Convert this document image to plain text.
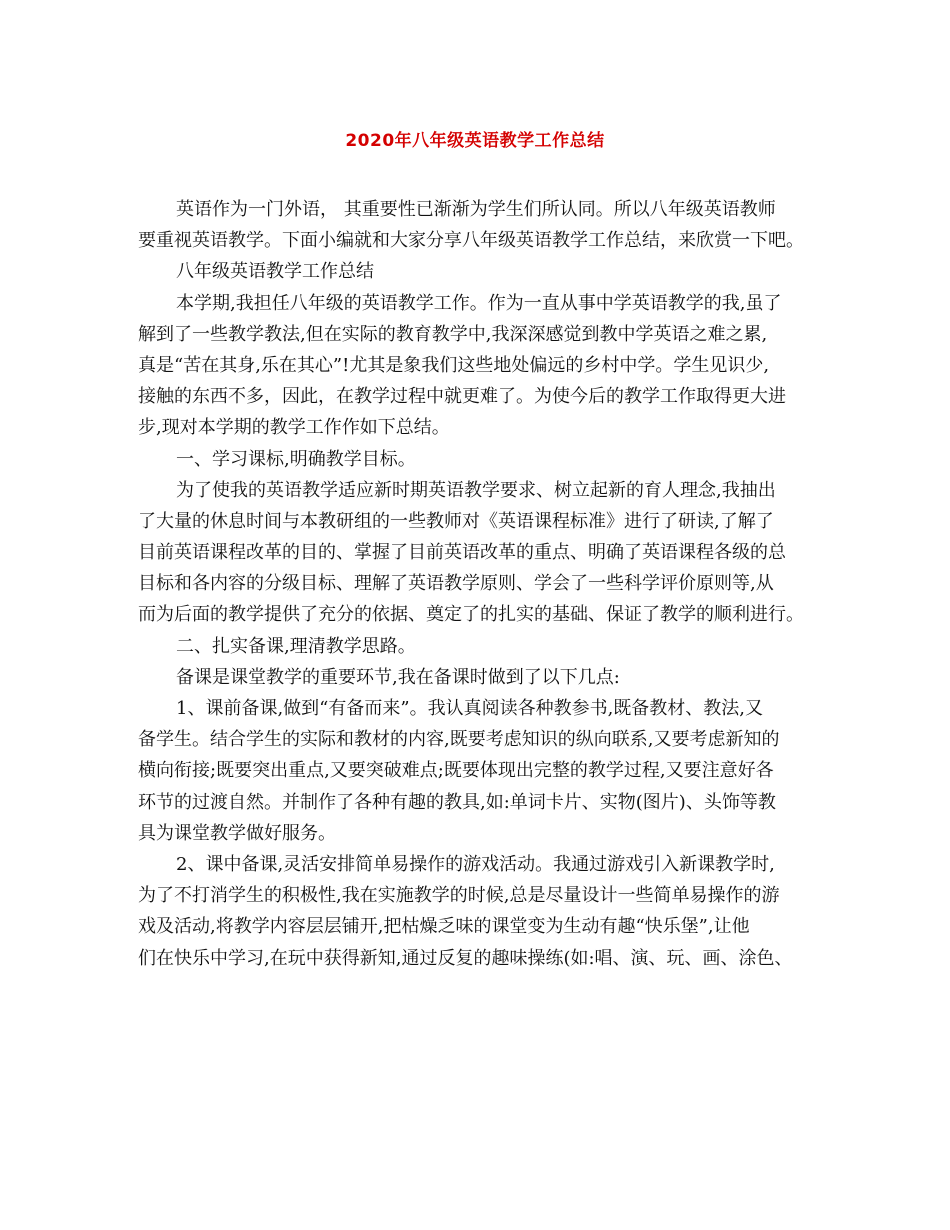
2020年八年级英语教学工作总结
英语作为一门外语， 其重要性已渐渐为学生们所认同。所以八年级英语教师
要重视英语教学。下面小编就和大家分享八年级英语教学工作总结，来欣赏一下吧。
八年级英语教学工作总结
本学期,我担任八年级的英语教学工作。作为一直从事中学英语教学的我,虽了
解到了一些教学教法,但在实际的教育教学中,我深深感觉到教中学英语之难之累,
真是“苦在其身,乐在其心”!尤其是象我们这些地处偏远的乡村中学。学生见识少,
接触的东西不多，因此，在教学过程中就更难了。为使今后的教学工作取得更大进
步,现对本学期的教学工作作如下总结。
一、学习课标,明确教学目标。
为了使我的英语教学适应新时期英语教学要求、树立起新的育人理念,我抽出
了大量的休息时间与本教研组的一些教师对《英语课程标准》进行了研读,了解了
目前英语课程改革的目的、掌握了目前英语改革的重点、明确了英语课程各级的总
目标和各内容的分级目标、理解了英语教学原则、学会了一些科学评价原则等,从
而为后面的教学提供了充分的依据、奠定了的扎实的基础、保证了教学的顺利进行。
二、扎实备课,理清教学思路。
备课是课堂教学的重要环节,我在备课时做到了以下几点:
1、课前备课,做到“有备而来”。我认真阅读各种教参书,既备教材、教法,又
备学生。结合学生的实际和教材的内容,既要考虑知识的纵向联系,又要考虑新知的
横向衔接;既要突出重点,又要突破难点;既要体现出完整的教学过程,又要注意好各
环节的过渡自然。并制作了各种有趣的教具,如:单词卡片、实物(图片)、头饰等教
具为课堂教学做好服务。
2、课中备课,灵活安排简单易操作的游戏活动。我通过游戏引入新课教学时,
为了不打消学生的积极性,我在实施教学的时候,总是尽量设计一些简单易操作的游
戏及活动,将教学内容层层铺开,把枯燥乏味的课堂变为生动有趣“快乐堡”,让他
们在快乐中学习,在玩中获得新知,通过反复的趣味操练(如:唱、演、玩、画、涂色、
